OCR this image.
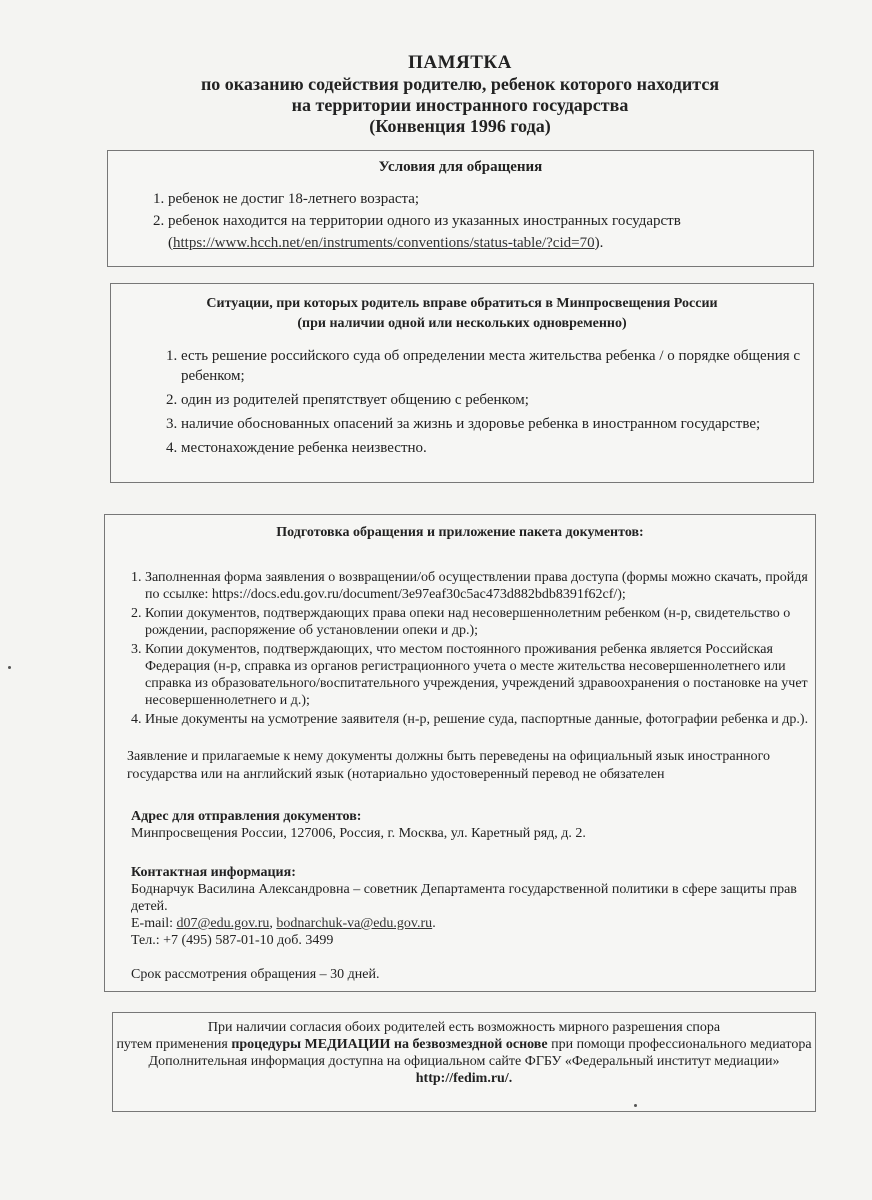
ПАМЯТКА
по оказанию содействия родителю, ребенок которого находится
на территории иностранного государства
(Конвенция 1996 года)
Условия для обращения
1. ребенок не достиг 18-летнего возраста;
2. ребенок находится на территории одного из указанных иностранных государств
(https://www.hcch.net/en/instruments/conventions/status-table/?cid=70).
Ситуации, при которых родитель вправе обратиться в Минпросвещения России
(при наличии одной или нескольких одновременно)
1. есть решение российского суда об определении места жительства ребенка / о порядке общения с ребенком;
2. один из родителей препятствует общению с ребенком;
3. наличие обоснованных опасений за жизнь и здоровье ребенка в иностранном государстве;
4. местонахождение ребенка неизвестно.
Подготовка обращения и приложение пакета документов:
1. Заполненная форма заявления о возвращении/об осуществлении права доступа (формы можно скачать, пройдя по ссылке: https://docs.edu.gov.ru/document/3e97eaf30c5ac473d882bdb8391f62cf/);
2. Копии документов, подтверждающих права опеки над несовершеннолетним ребенком (н-р, свидетельство о рождении, распоряжение об установлении опеки и др.);
3. Копии документов, подтверждающих, что местом постоянного проживания ребенка является Российская Федерация (н-р, справка из органов регистрационного учета о месте жительства несовершеннолетнего или справка из образовательного/воспитательного учреждения, учреждений здравоохранения о постановке на учет несовершеннолетнего и д.);
4. Иные документы на усмотрение заявителя (н-р, решение суда, паспортные данные, фотографии ребенка и др.).
Заявление и прилагаемые к нему документы должны быть переведены на официальный язык иностранного государства или на английский язык (нотариально удостоверенный перевод не обязателен
Адрес для отправления документов:
Минпросвещения России, 127006, Россия, г. Москва, ул. Каретный ряд, д. 2.
Контактная информация:
Боднарчук Василина Александровна – советник Департамента государственной политики в сфере защиты прав детей.
E-mail: d07@edu.gov.ru, bodnarchuk-va@edu.gov.ru.
Тел.: +7 (495) 587-01-10 доб. 3499
Срок рассмотрения обращения – 30 дней.

При наличии согласия обоих родителей есть возможность мирного разрешения спора

путем применения процедуры МЕДИАЦИИ на безвозмездной основе при помощи профессионального медиатора

Дополнительная информация доступна на официальном сайте ФГБУ «Федеральный институт медиации»

http://fedim.ru/.
